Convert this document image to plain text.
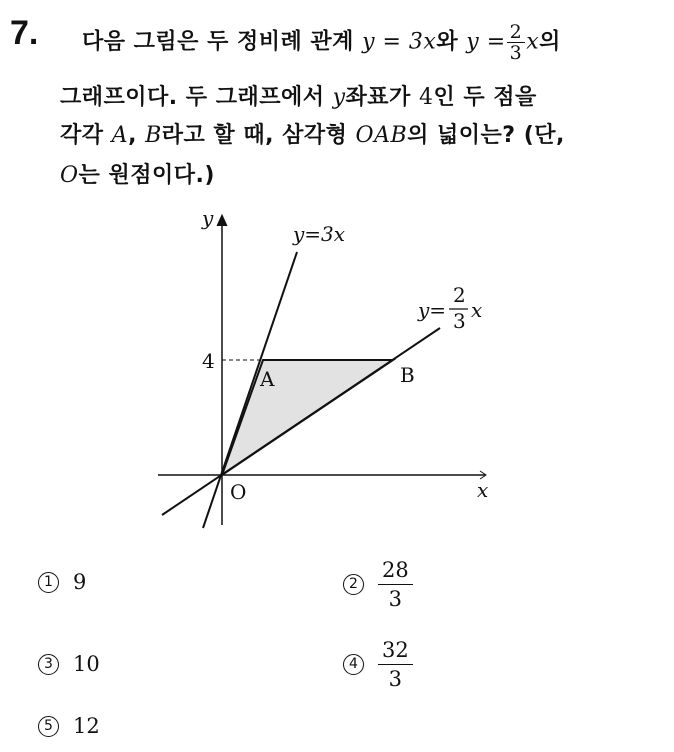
7. 다음 그림은 두 정비례 관계 y = 3x와 $y = \frac{2}{3}$ x의
그래프이다. 두 그래프에서 y좌표가 4인 두 점을
각각 A, B라고 할 때, 삼각형 OAB의 넓이는? (단,
O는 원점이다.)
y
x
y=3x
y=
2
3 x
4
A	B
O
1 9	$2 \frac{28}{3}$
3 10	$4 \frac{32}{3}$
5 12
